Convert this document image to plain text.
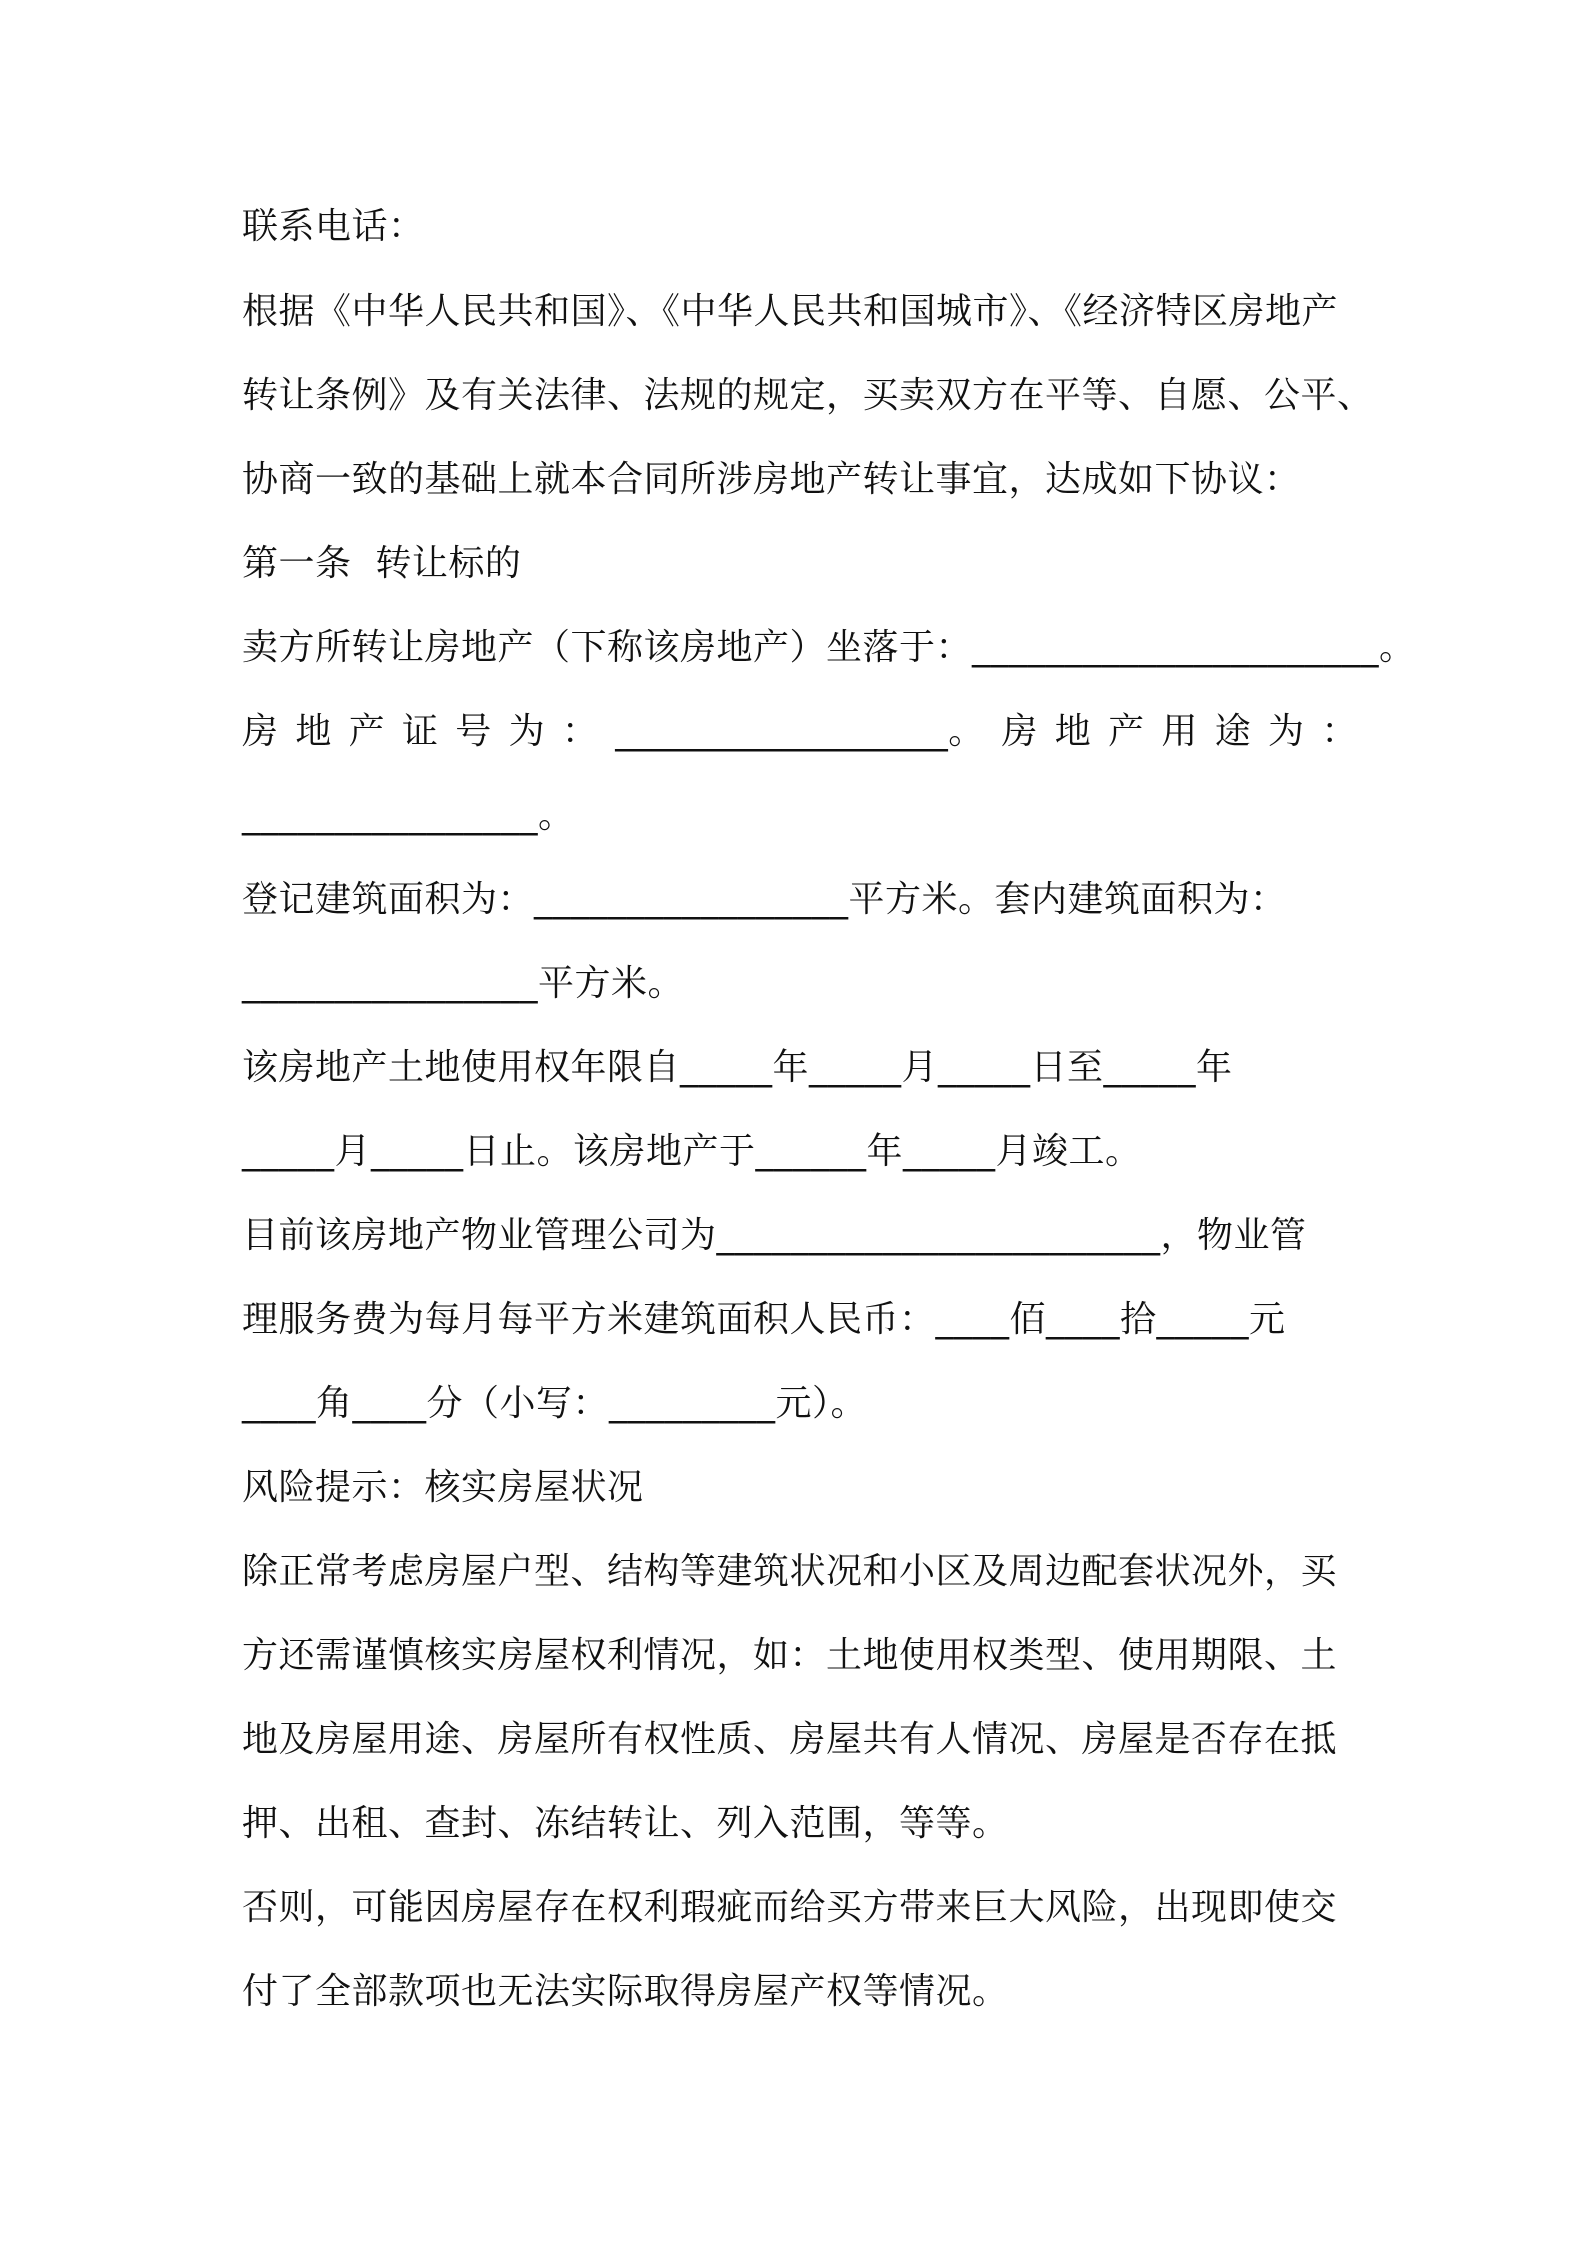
联系电话：
根据《中华人民共和国》、《中华人民共和国城市》、《经济特区房地产
转让条例》及有关法律、法规的规定，买卖双方在平等、自愿、公平、
协商一致的基础上就本合同所涉房地产转让事宜，达成如下协议：
第一条  转让标的
卖方所转让房地产（下称该房地产）坐落于：______________________。
房 地 产 证 号 为 ： __________________。 房 地 产 用 途 为 ：
________________。
登记建筑面积为：_________________平方米。套内建筑面积为：
________________平方米。
该房地产土地使用权年限自_____年_____月_____日至_____年
_____月_____日止。该房地产于______年_____月竣工。
目前该房地产物业管理公司为________________________，物业管
理服务费为每月每平方米建筑面积人民币：____佰____拾_____元
____角____分（小写：_________元）。
风险提示：核实房屋状况
除正常考虑房屋户型、结构等建筑状况和小区及周边配套状况外，买
方还需谨慎核实房屋权利情况，如：土地使用权类型、使用期限、土
地及房屋用途、房屋所有权性质、房屋共有人情况、房屋是否存在抵
押、出租、查封、冻结转让、列入范围，等等。
否则，可能因房屋存在权利瑕疵而给买方带来巨大风险，出现即使交
付了全部款项也无法实际取得房屋产权等情况。
